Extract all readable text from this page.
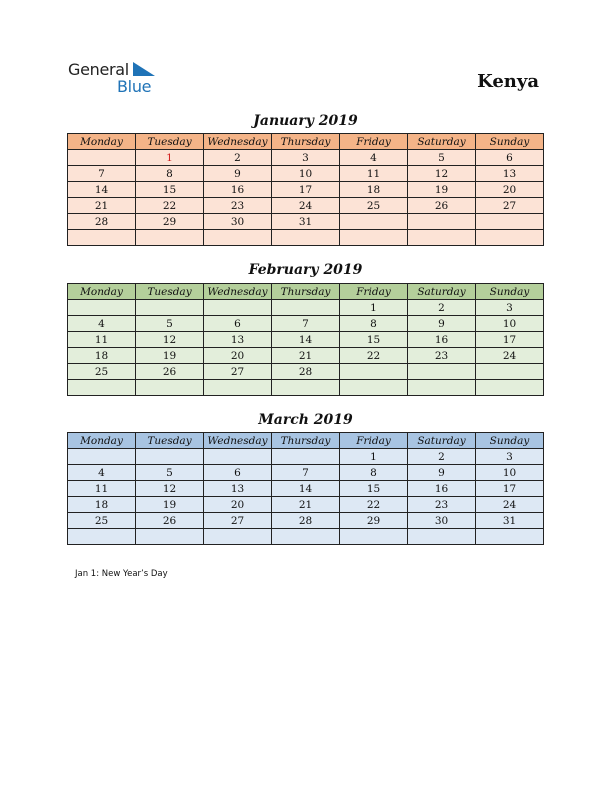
General
Blue	Kenya
January 2019
Monday	Tuesday	Wednesday	Thursday	Friday	Saturday	Sunday
	1	2	3	4	5	6
7	8	9	10	11	12	13
14	15	16	17	18	19	20
21	22	23	24	25	26	27
28	29	30	31			

February 2019
Monday	Tuesday	Wednesday	Thursday	Friday	Saturday	Sunday
				1	2	3
4	5	6	7	8	9	10
11	12	13	14	15	16	17
18	19	20	21	22	23	24
25	26	27	28			

March 2019
Monday	Tuesday	Wednesday	Thursday	Friday	Saturday	Sunday
				1	2	3
4	5	6	7	8	9	10
11	12	13	14	15	16	17
18	19	20	21	22	23	24
25	26	27	28	29	30	31

Jan 1: New Year’s Day
